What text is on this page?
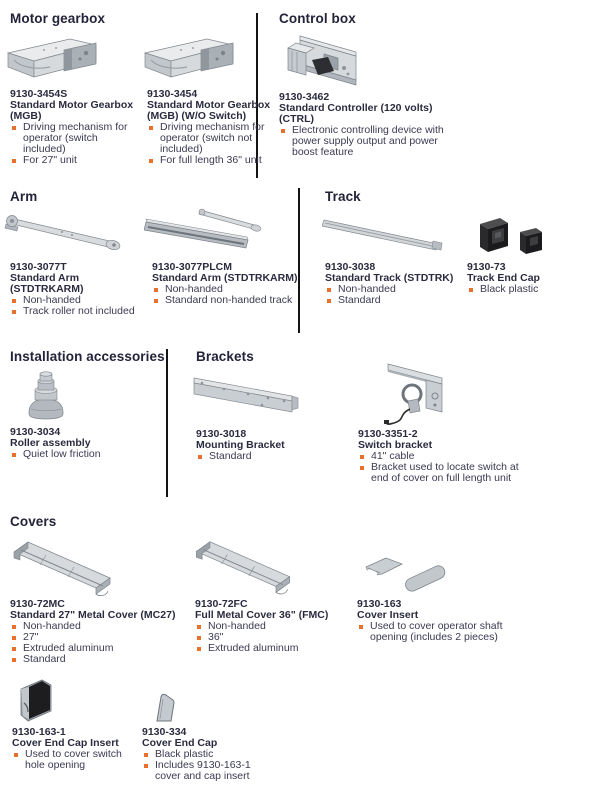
Motor gearbox	Control box
Arm	Track
Installation accessories Brackets
Covers
9130-3454S
Standard Motor Gearbox (MGB)
Driving mechanism for operator (switch included)
For 27" unit
9130-3454
Standard Motor Gearbox (MGB) (W/O Switch)
Driving mechanism for operator (switch not included)
For full length 36" unit
9130-3462
Standard Controller (120 volts) (CTRL)
Electronic controlling device with power supply output and power boost feature
9130-3077T
Standard Arm (STDTRKARM)
Non-handed
Track roller not included
9130-3077PLCM
Standard Arm (STDTRKARM)
Non-handed
Standard non-handed track
9130-3038
Standard Track (STDTRK)
Non-handed
Standard
9130-73
Track End Cap
Black plastic
9130-3034
Roller assembly
Quiet low friction
9130-3018
Mounting Bracket
Standard
9130-3351-2
Switch bracket
41" cable
Bracket used to locate switch at end of cover on full length unit
9130-72MC
Standard 27" Metal Cover (MC27)
Non-handed
27"
Extruded aluminum
Standard
9130-72FC
Full Metal Cover 36" (FMC)
Non-handed
36"
Extruded aluminum
9130-163
Cover Insert
Used to cover operator shaft opening (includes 2 pieces)
9130-163-1
Cover End Cap Insert
Used to cover switch hole opening
9130-334
Cover End Cap
Black plastic
Includes 9130-163-1 cover and cap insert
